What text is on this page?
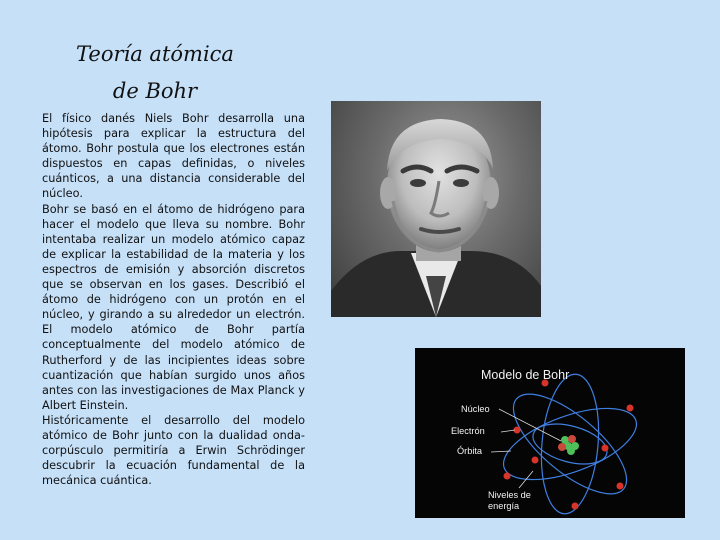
Teoría atómica
de Bohr

El físico danés Niels Bohr desarrolla una hipótesis para explicar la estructura del átomo. Bohr postula que los electrones están dispuestos en capas definidas, o niveles cuánticos, a una distancia considerable del núcleo.

Bohr se basó en el átomo de hidrógeno para hacer el modelo que lleva su nombre. Bohr intentaba realizar un modelo atómico capaz de explicar la estabilidad de la materia y los espectros de emisión y absorción discretos que se observan en los gases. Describió el átomo de hidrógeno con un protón en el núcleo, y girando a su alrededor un electrón. El modelo atómico de Bohr partía conceptualmente del modelo atómico de Rutherford y de las incipientes ideas sobre cuantización que habían surgido unos años antes con las investigaciones de Max Planck y Albert Einstein.

Históricamente el desarrollo del modelo atómico de Bohr junto con la dualidad onda-corpúsculo permitiría a Erwin Schrödinger descubrir la ecuación fundamental de la mecánica cuántica.

Modelo de Bohr
Núcleo
Electrón
Órbita
Niveles de
energía
